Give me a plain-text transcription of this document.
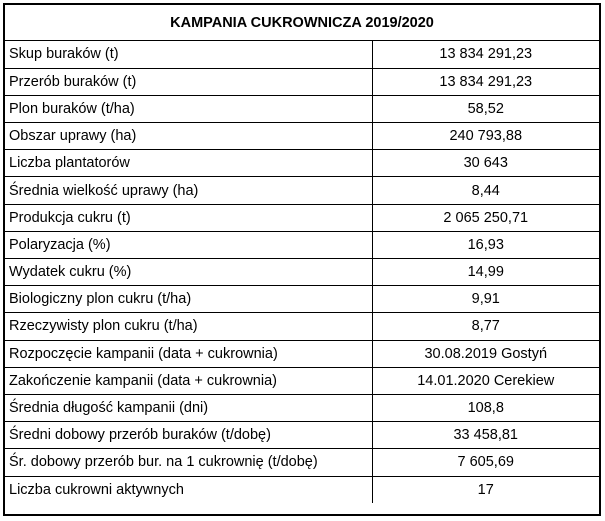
KAMPANIA CUKROWNICZA 2019/2020
Skup buraków (t)	13 834 291,23
Przerób buraków (t)	13 834 291,23
Plon buraków (t/ha)	58,52
Obszar uprawy (ha)	240 793,88
Liczba plantatorów	30 643
Średnia wielkość uprawy (ha)	8,44
Produkcja cukru (t)	2 065 250,71
Polaryzacja (%)	16,93
Wydatek cukru (%)	14,99
Biologiczny plon cukru (t/ha)	9,91
Rzeczywisty plon cukru (t/ha)	8,77
Rozpoczęcie kampanii (data + cukrownia)	30.08.2019 Gostyń
Zakończenie kampanii (data + cukrownia)	14.01.2020 Cerekiew
Średnia długość kampanii (dni)	108,8
Średni dobowy przerób buraków (t/dobę)	33 458,81
Śr. dobowy przerób bur. na 1 cukrownię (t/dobę)	7 605,69
Liczba cukrowni aktywnych	17
